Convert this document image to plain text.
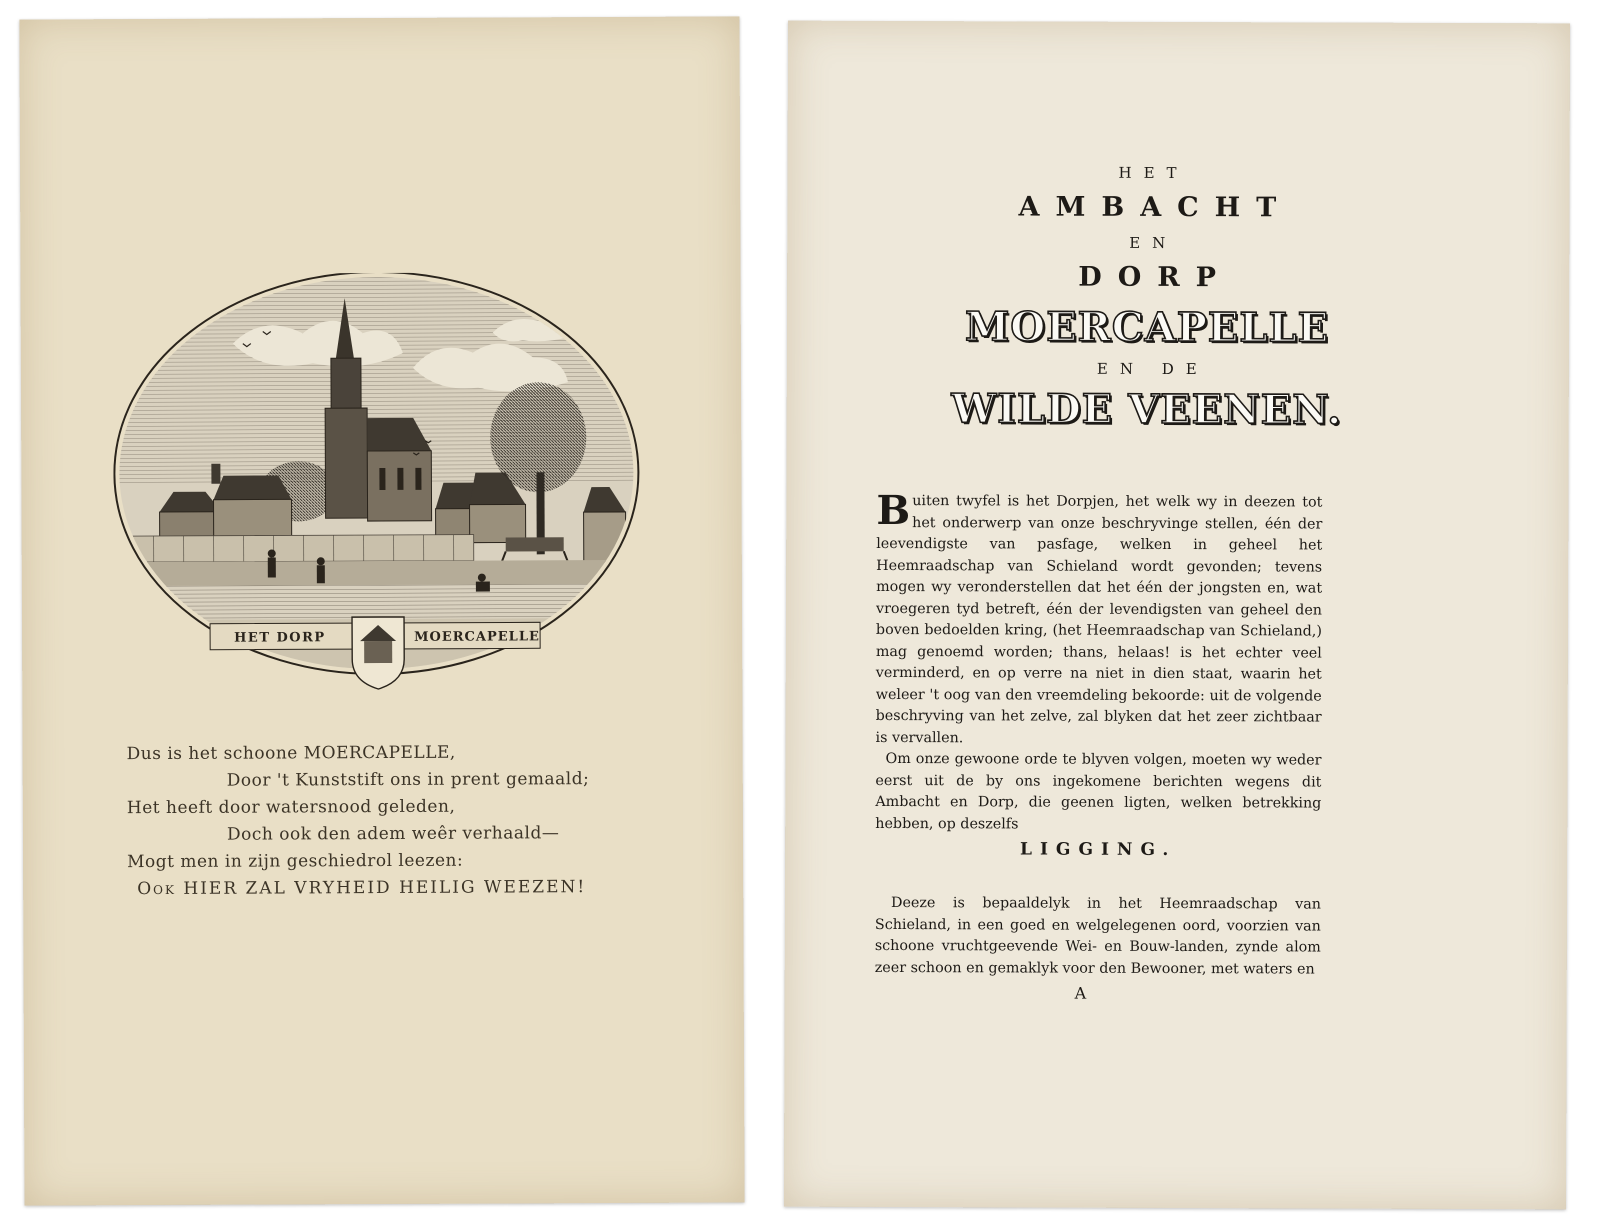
HET DORP	MOERCAPELLE
Dus is het schoone MOERCAPELLE,
Door 't Kunststift ons in prent gemaald;
Het heeft door watersnood geleden,
Doch ook den adem weêr verhaald—
Mogt men in zijn geschiedrol leezen:
Ook HIER ZAL VRYHEID HEILIG WEEZEN!
HET
AMBACHT
EN
DORP
MOERCAPELLE
EN DE
WILDE VEENEN.

Buiten twyfel is het Dorpjen, het welk wy in deezen tot het onderwerp van onze beschryvinge stellen, één der leevendigste van pasfage, welken in geheel het Heemraadschap van Schieland wordt gevonden; tevens mogen wy veronderstellen dat het één der jongsten en, wat vroegeren tyd betreft, één der levendigsten van geheel den boven bedoelden kring, (het Heemraadschap van Schieland,) mag genoemd worden; thans, helaas! is het echter veel verminderd, en op verre na niet in dien staat, waarin het weleer 't oog van den vreemdeling bekoorde: uit de volgende beschryving van het zelve, zal blyken dat het zeer zichtbaar is vervallen.

Om onze gewoone orde te blyven volgen, moeten wy weder eerst uit de by ons ingekomene berichten wegens dit Ambacht en Dorp, die geenen ligten, welken betrekking hebben, op deszelfs

LIGGING.

Deeze is bepaaldelyk in het Heemraadschap van Schieland, in een goed en welgelegenen oord, voorzien van schoone vruchtgeevende Wei- en Bouw-landen, zynde alom zeer schoon en gemaklyk voor den Bewooner, met waters en

A
